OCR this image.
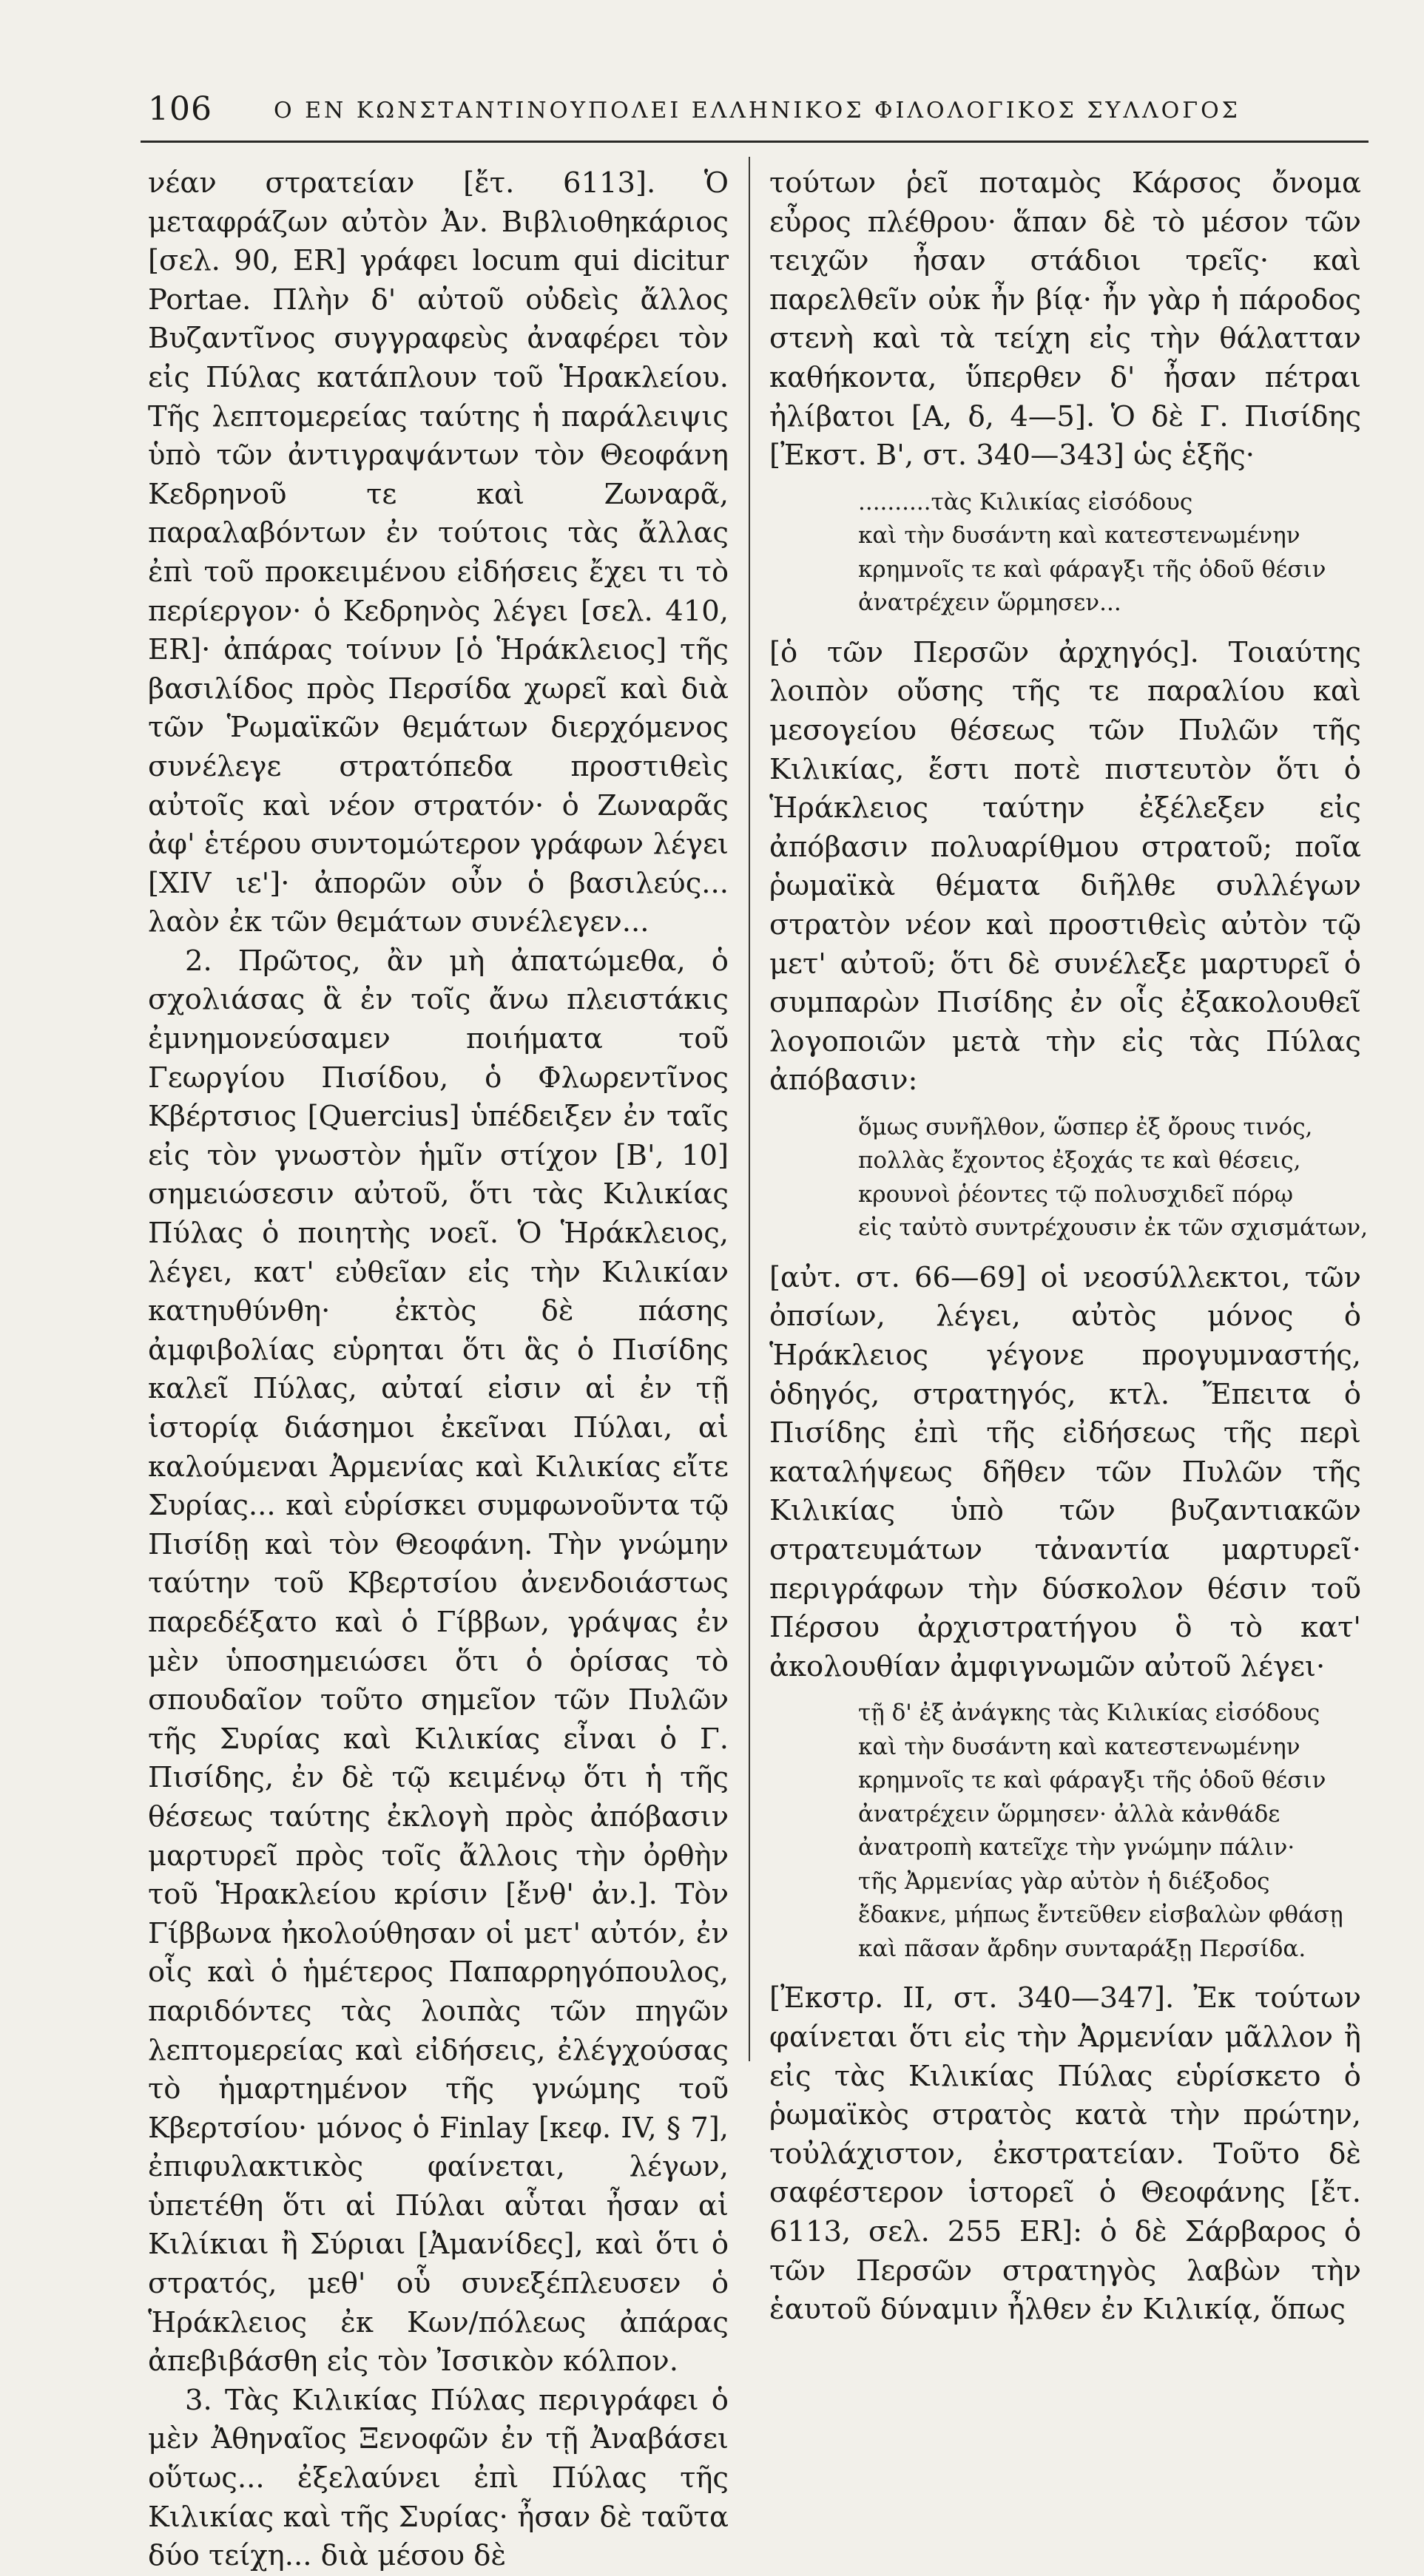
106	Ο ΕΝ ΚΩΝΣΤΑΝΤΙΝΟΥΠΟΛΕΙ ΕΛΛΗΝΙΚΟΣ ΦΙΛΟΛΟΓΙΚΟΣ ΣΥΛΛΟΓΟΣ

νέαν στρατείαν [ἔτ. 6113]. Ὁ μεταφράζων αὐτὸν Ἀν. Βιβλιοθηκάριος [σελ. 90, ER] γράφει locum qui dicitur Portae. Πλὴν δ' αὐτοῦ οὐδεὶς ἄλλος Βυζαντῖνος συγγραφεὺς ἀναφέρει τὸν εἰς Πύλας κατάπλουν τοῦ Ἡρακλείου. Τῆς λεπτομερείας ταύτης ἡ παράλειψις ὑπὸ τῶν ἀντιγραψάντων τὸν Θεοφάνη Κεδρηνοῦ τε καὶ Ζωναρᾶ, παραλαβόντων ἐν τούτοις τὰς ἄλλας ἐπὶ τοῦ προκειμένου εἰδήσεις ἔχει τι τὸ περίεργον· ὁ Κεδρηνὸς λέγει [σελ. 410, ER]· ἀπάρας τοίνυν [ὁ Ἡράκλειος] τῆς βασιλίδος πρὸς Περσίδα χωρεῖ καὶ διὰ τῶν Ῥωμαϊκῶν θεμάτων διερχόμενος συνέλεγε στρατόπεδα προστιθεὶς αὐτοῖς καὶ νέον στρατόν· ὁ Ζωναρᾶς ἀφ' ἑτέρου συντομώτερον γράφων λέγει [XIV ιε']· ἀπορῶν οὖν ὁ βασιλεύς... λαὸν ἐκ τῶν θεμάτων συνέλεγεν...

2. Πρῶτος, ἂν μὴ ἀπατώμεθα, ὁ σχολιάσας ἃ ἐν τοῖς ἄνω πλειστάκις ἐμνημονεύσαμεν ποιήματα τοῦ Γεωργίου Πισίδου, ὁ Φλωρεντῖνος Κβέρτσιος [Quercius] ὑπέδειξεν ἐν ταῖς εἰς τὸν γνωστὸν ἡμῖν στίχον [Β', 10] σημειώσεσιν αὐτοῦ, ὅτι τὰς Κιλικίας Πύλας ὁ ποιητὴς νοεῖ. Ὁ Ἡράκλειος, λέγει, κατ' εὐθεῖαν εἰς τὴν Κιλικίαν κατηυθύνθη· ἐκτὸς δὲ πάσης ἀμφιβολίας εὑρηται ὅτι ἃς ὁ Πισίδης καλεῖ Πύλας, αὐταί εἰσιν αἱ ἐν τῇ ἱστορίᾳ διάσημοι ἐκεῖναι Πύλαι, αἱ καλούμεναι Ἀρμενίας καὶ Κιλικίας εἴτε Συρίας... καὶ εὑρίσκει συμφωνοῦντα τῷ Πισίδῃ καὶ τὸν Θεοφάνη. Τὴν γνώμην ταύτην τοῦ Κβερτσίου ἀνενδοιάστως παρεδέξατο καὶ ὁ Γίββων, γράψας ἐν μὲν ὑποσημειώσει ὅτι ὁ ὁρίσας τὸ σπουδαῖον τοῦτο σημεῖον τῶν Πυλῶν τῆς Συρίας καὶ Κιλικίας εἶναι ὁ Γ. Πισίδης, ἐν δὲ τῷ κειμένῳ ὅτι ἡ τῆς θέσεως ταύτης ἐκλογὴ πρὸς ἀπόβασιν μαρτυρεῖ πρὸς τοῖς ἄλλοις τὴν ὀρθὴν τοῦ Ἡρακλείου κρίσιν [ἔνθ' ἀν.]. Τὸν Γίββωνα ἠκολούθησαν οἱ μετ' αὐτόν, ἐν οἷς καὶ ὁ ἡμέτερος Παπαρρηγόπουλος, παριδόντες τὰς λοιπὰς τῶν πηγῶν λεπτομερείας καὶ εἰδήσεις, ἐλέγχούσας τὸ ἡμαρτημένον τῆς γνώμης τοῦ Κβερτσίου· μόνος ὁ Finlay [κεφ. IV, § 7], ἐπιφυλακτικὸς φαίνεται, λέγων, ὑπετέθη ὅτι αἱ Πύλαι αὗται ἦσαν αἱ Κιλίκιαι ἢ Σύριαι [Ἀμανίδες], καὶ ὅτι ὁ στρατός, μεθ' οὗ συνεξέπλευσεν ὁ Ἡράκλειος ἐκ Κων/πόλεως ἀπάρας ἀπεβιβάσθη εἰς τὸν Ἰσσικὸν κόλπον.

3. Τὰς Κιλικίας Πύλας περιγράφει ὁ μὲν Ἀθηναῖος Ξενοφῶν ἐν τῇ Ἀναβάσει οὕτως... ἐξελαύνει ἐπὶ Πύλας τῆς Κιλικίας καὶ τῆς Συρίας· ἦσαν δὲ ταῦτα δύο τείχη... διὰ μέσου δὲ

τούτων ῥεῖ ποταμὸς Κάρσος ὄνομα εὖρος πλέθρου· ἅπαν δὲ τὸ μέσον τῶν τειχῶν ἦσαν στάδιοι τρεῖς· καὶ παρελθεῖν οὐκ ἦν βίᾳ· ἦν γὰρ ἡ πάροδος στενὴ καὶ τὰ τείχη εἰς τὴν θάλατταν καθήκοντα, ὕπερθεν δ' ἦσαν πέτραι ἠλίβατοι [Α, δ, 4—5]. Ὁ δὲ Γ. Πισίδης [Ἐκστ. Β', στ. 340—343] ὡς ἑξῆς·

..........τὰς Κιλικίας εἰσόδους
καὶ τὴν δυσάντη καὶ κατεστενωμένην
κρημνοῖς τε καὶ φάραγξι τῆς ὁδοῦ θέσιν
ἀνατρέχειν ὥρμησεν...

[ὁ τῶν Περσῶν ἀρχηγός]. Τοιαύτης λοιπὸν οὔσης τῆς τε παραλίου καὶ μεσογείου θέσεως τῶν Πυλῶν τῆς Κιλικίας, ἔστι ποτὲ πιστευτὸν ὅτι ὁ Ἡράκλειος ταύτην ἐξέλεξεν εἰς ἀπόβασιν πολυαρίθμου στρατοῦ; ποῖα ῥωμαϊκὰ θέματα διῆλθε συλλέγων στρατὸν νέον καὶ προστιθεὶς αὐτὸν τῷ μετ' αὐτοῦ; ὅτι δὲ συνέλεξε μαρτυρεῖ ὁ συμπαρὼν Πισίδης ἐν οἷς ἐξακολουθεῖ λογοποιῶν μετὰ τὴν εἰς τὰς Πύλας ἀπόβασιν:

ὅμως συνῆλθον, ὥσπερ ἐξ ὄρους τινός,
πολλὰς ἔχοντος ἐξοχάς τε καὶ θέσεις,
κρουνοὶ ῥέοντες τῷ πολυσχιδεῖ πόρῳ
εἰς ταὐτὸ συντρέχουσιν ἐκ τῶν σχισμάτων,

[αὐτ. στ. 66—69] οἱ νεοσύλλεκτοι, τῶν ὀπσίων, λέγει, αὐτὸς μόνος ὁ Ἡράκλειος γέγονε προγυμναστής, ὁδηγός, στρατηγός, κτλ. Ἔπειτα ὁ Πισίδης ἐπὶ τῆς εἰδήσεως τῆς περὶ καταλήψεως δῆθεν τῶν Πυλῶν τῆς Κιλικίας ὑπὸ τῶν βυζαντιακῶν στρατευμάτων τἀναντία μαρτυρεῖ· περιγράφων τὴν δύσκολον θέσιν τοῦ Πέρσου ἀρχιστρατήγου ὃ τὸ κατ' ἀκολουθίαν ἀμφιγνωμῶν αὐτοῦ λέγει·

τῇ δ' ἐξ ἀνάγκης τὰς Κιλικίας εἰσόδους
καὶ τὴν δυσάντη καὶ κατεστενωμένην
κρημνοῖς τε καὶ φάραγξι τῆς ὁδοῦ θέσιν
ἀνατρέχειν ὥρμησεν· ἀλλὰ κἀνθάδε
ἀνατροπὴ κατεῖχε τὴν γνώμην πάλιν·
τῆς Ἀρμενίας γὰρ αὐτὸν ἡ διέξοδος
ἔδακνε, μήπως ἔντεῦθεν εἰσβαλὼν φθάσῃ
καὶ πᾶσαν ἄρδην συνταράξῃ Περσίδα.

[Ἐκστρ. ΙΙ, στ. 340—347]. Ἐκ τούτων φαίνεται ὅτι εἰς τὴν Ἀρμενίαν μᾶλλον ἢ εἰς τὰς Κιλικίας Πύλας εὑρίσκετο ὁ ῥωμαϊκὸς στρατὸς κατὰ τὴν πρώτην, τοὐλάχιστον, ἐκστρατείαν. Τοῦτο δὲ σαφέστερον ἱστορεῖ ὁ Θεοφάνης [ἔτ. 6113, σελ. 255 ER]: ὁ δὲ Σάρβαρος ὁ τῶν Περσῶν στρατηγὸς λαβὼν τὴν ἑαυτοῦ δύναμιν ἦλθεν ἐν Κιλικίᾳ, ὅπως
